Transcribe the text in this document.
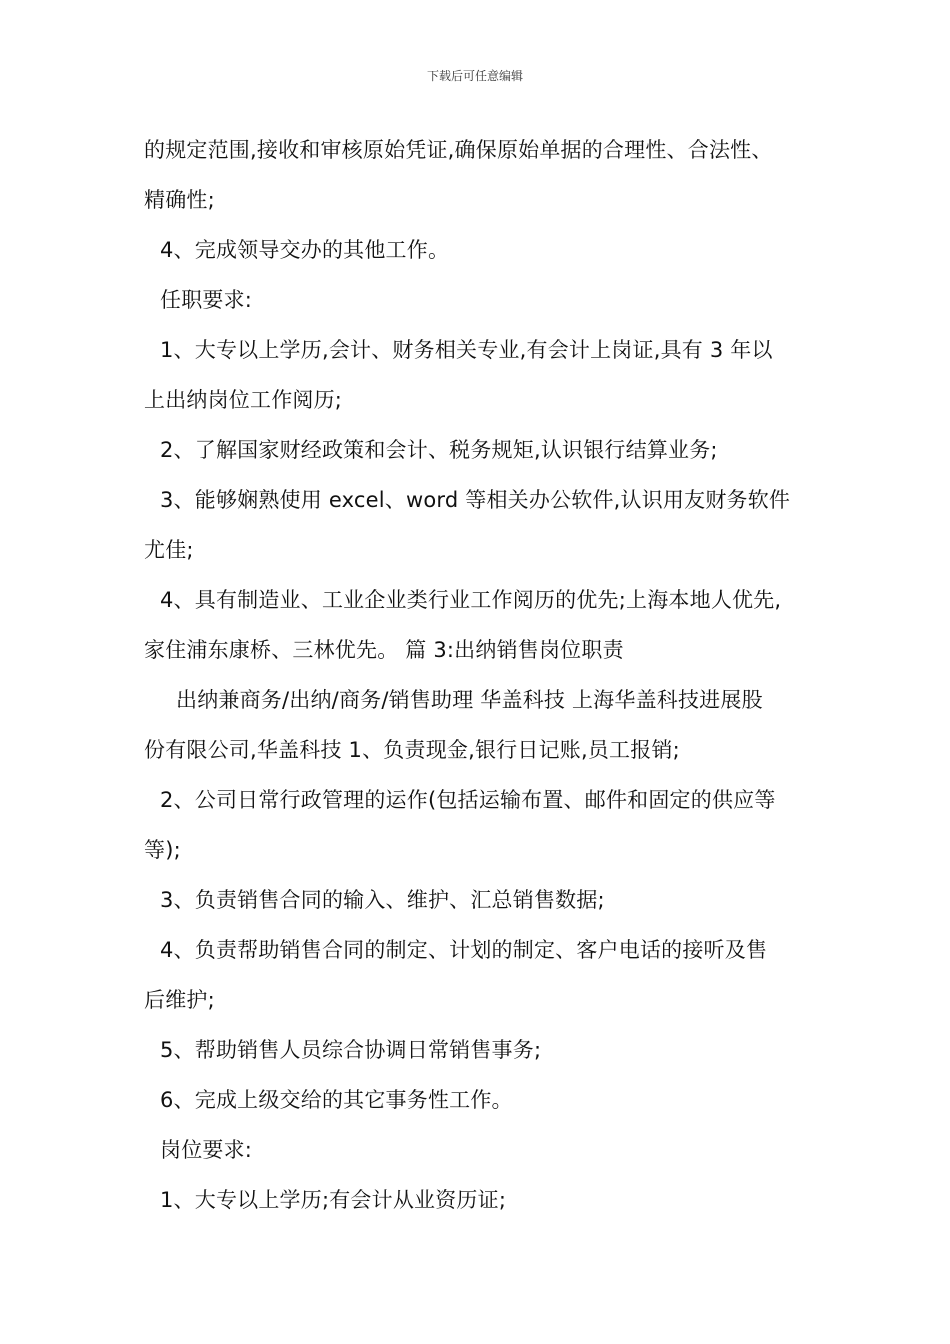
下载后可任意编辑
的规定范围,接收和审核原始凭证,确保原始单据的合理性、合法性、
精确性;
4、完成领导交办的其他工作。
任职要求:
1、大专以上学历,会计、财务相关专业,有会计上岗证,具有 3 年以
上出纳岗位工作阅历;
2、了解国家财经政策和会计、税务规矩,认识银行结算业务;
3、能够娴熟使用 excel、word 等相关办公软件,认识用友财务软件
尤佳;
4、具有制造业、工业企业类行业工作阅历的优先;上海本地人优先,
家住浦东康桥、三林优先。 篇 3:出纳销售岗位职责
出纳兼商务/出纳/商务/销售助理 华盖科技 上海华盖科技进展股
份有限公司,华盖科技 1、负责现金,银行日记账,员工报销;
2、公司日常行政管理的运作(包括运输布置、邮件和固定的供应等
等);
3、负责销售合同的输入、维护、汇总销售数据;
4、负责帮助销售合同的制定、计划的制定、客户电话的接听及售
后维护;
5、帮助销售人员综合协调日常销售事务;
6、完成上级交给的其它事务性工作。
岗位要求:
1、大专以上学历;有会计从业资历证;
